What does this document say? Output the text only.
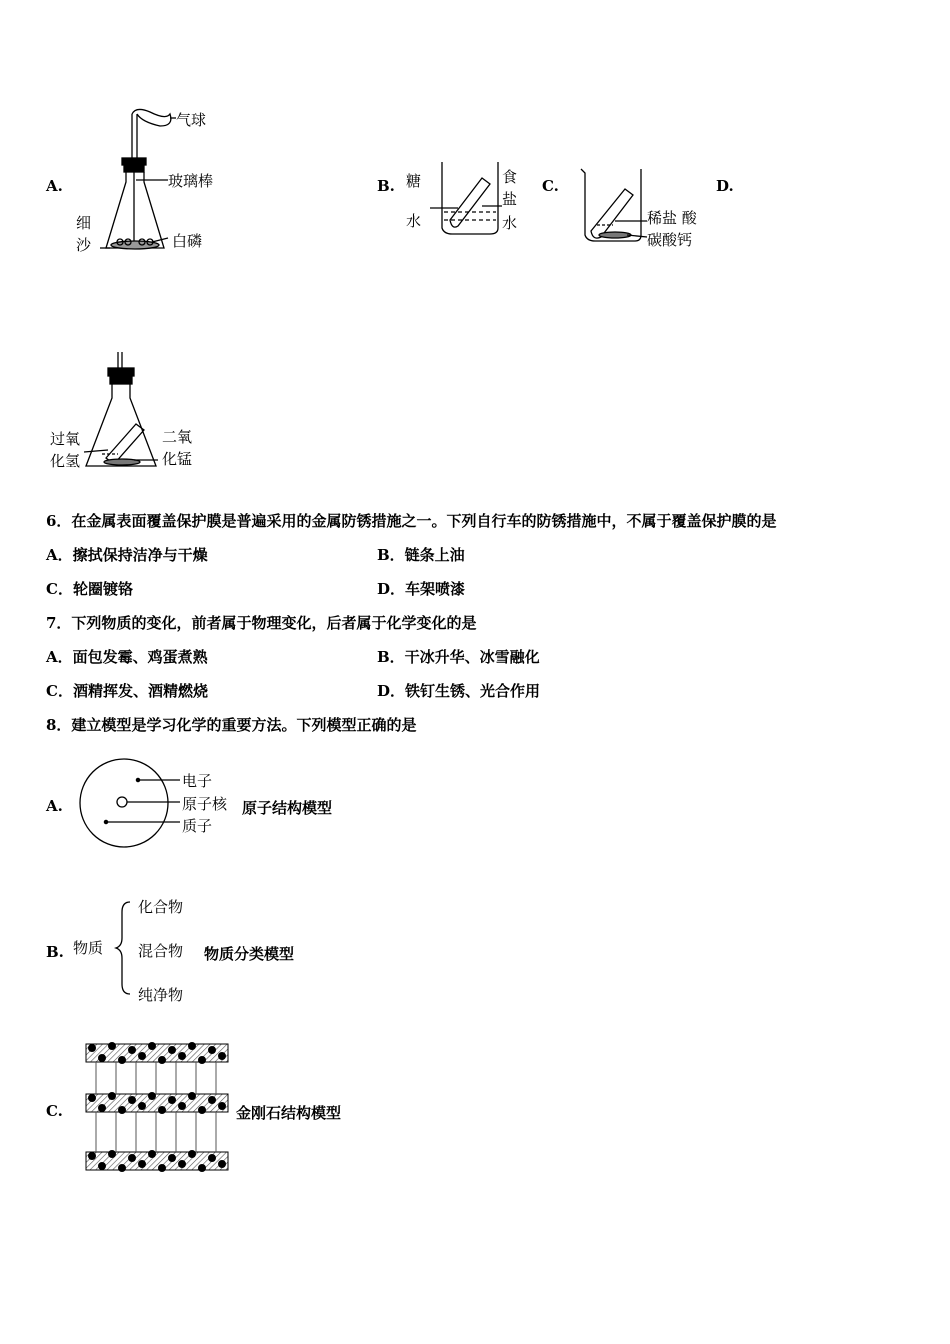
A.
气球
玻璃棒
细
沙	白磷
B. 糖
水
食
盐
水
C.
稀盐 酸
碳酸钙
D.
过氧
化氢
二氧
化锰
6．在金属表面覆盖保护膜是普遍采用的金属防锈措施之一。下列自行车的防锈措施中，不属于覆盖保护膜的是
A．擦拭保持洁净与干燥	B．链条上油
C．轮圈镀铬	D．车架喷漆
7．下列物质的变化，前者属于物理变化，后者属于化学变化的是
A．面包发霉、鸡蛋煮熟	B．干冰升华、冰雪融化
C．酒精挥发、酒精燃烧	D．铁钉生锈、光合作用
8．建立模型是学习化学的重要方法。下列模型正确的是
A.
电子
原子核
质子
原子结构模型
B. 物质
化合物
混合物
纯净物
物质分类模型
C.	金刚石结构模型
